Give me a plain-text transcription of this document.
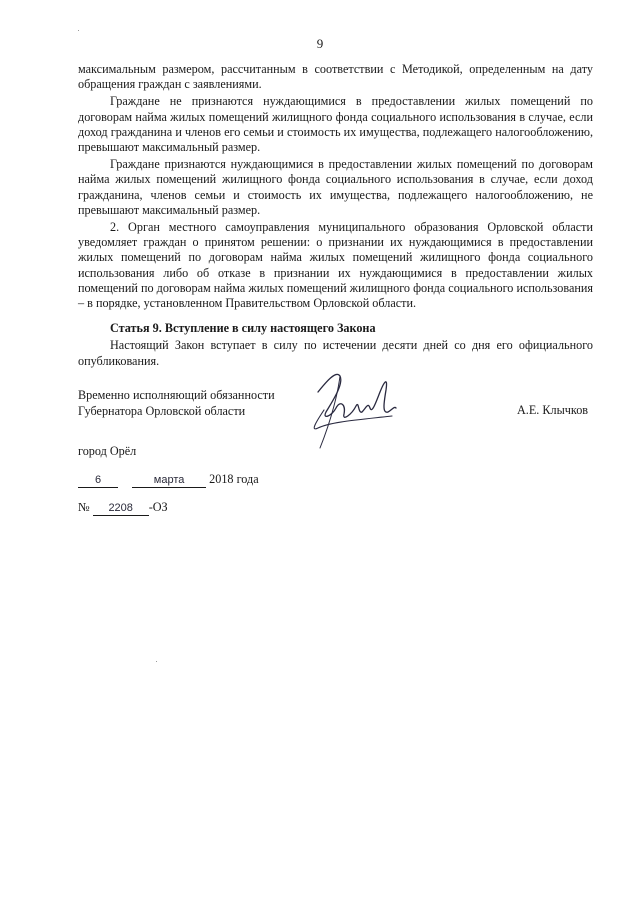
9

максимальным размером, рассчитанным в соответствии с Методикой, определенным на дату обращения граждан с заявлениями.

Граждане не признаются нуждающимися в предоставлении жилых помещений по договорам найма жилых помещений жилищного фонда социального использования в случае, если доход гражданина и членов его семьи и стоимость их имущества, подлежащего налогообложению, превышают максимальный размер.

Граждане признаются нуждающимися в предоставлении жилых помещений по договорам найма жилых помещений жилищного фонда социального использования в случае, если доход гражданина, членов семьи и стоимость их имущества, подлежащего налогообложению, не превышают максимальный размер.

2. Орган местного самоуправления муниципального образования Орловской области уведомляет граждан о принятом решении: о признании их нуждающимися в предоставлении жилых помещений по договорам найма жилых помещений жилищного фонда социального использования либо об отказе в признании их нуждающимися в предоставлении жилых помещений по договорам найма жилых помещений жилищного фонда социального использования – в порядке, установленном Правительством Орловской области.

Статья 9. Вступление в силу настоящего Закона

Настоящий Закон вступает в силу по истечении десяти дней со дня его официального опубликования.

Временно исполняющий обязанности
Губернатора Орловской области	А.Е. Клычков
город Орёл
6	марта 2018 года
№ 2208 -ОЗ
